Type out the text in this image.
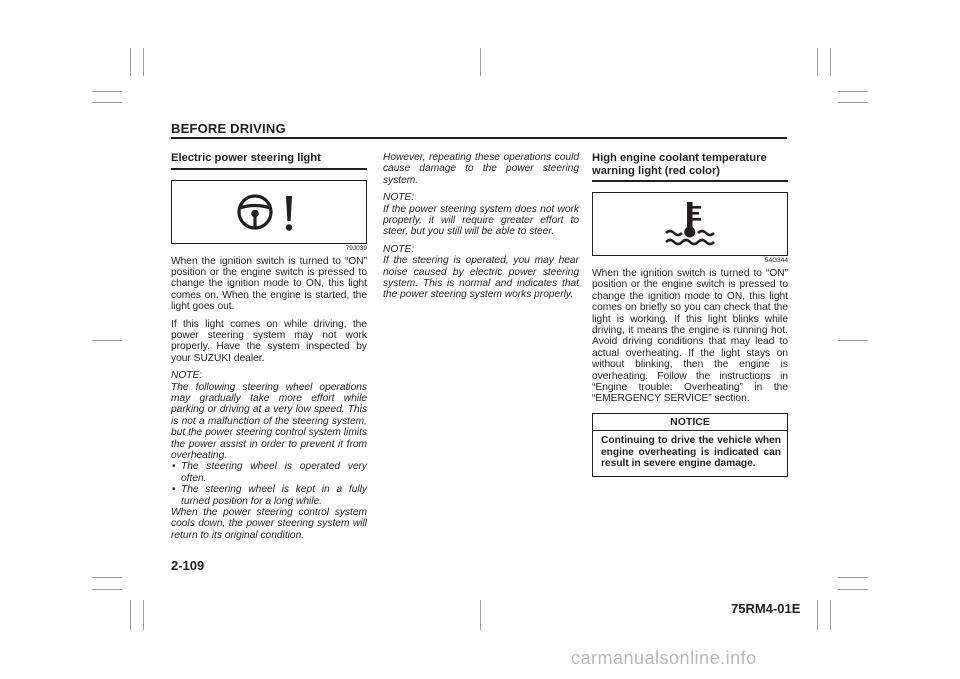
BEFORE DRIVING
Electric power steering light
79J039

When the ignition switch is turned to “ON” position or the engine switch is pressed to change the ignition mode to ON, this light comes on. When the engine is started, the light goes out.

If this light comes on while driving, the power steering system may not work properly. Have the system inspected by your SUZUKI dealer.

NOTE:
The following steering wheel operations may gradually take more effort while parking or driving at a very low speed. This is not a malfunction of the steering system, but the power steering control system limits the power assist in order to prevent it from overheating.
• The steering wheel is operated very often.
• The steering wheel is kept in a fully turned position for a long while.
When the power steering control system cools down, the power steering system will return to its original condition.
However, repeating these operations could cause damage to the power steering system.
NOTE:
If the power steering system does not work properly, it will require greater effort to steer, but you still will be able to steer.
NOTE:
If the steering is operated, you may hear noise caused by electric power steering system. This is normal and indicates that the power steering system works properly.
High engine coolant temperature warning light (red color)
54G344

When the ignition switch is turned to “ON” position or the engine switch is pressed to change the ignition mode to ON, this light comes on briefly so you can check that the light is working. If this light blinks while driving, it means the engine is running hot. Avoid driving conditions that may lead to actual overheating. If the light stays on without blinking, then the engine is overheating. Follow the instructions in “Engine trouble: Overheating” in the “EMERGENCY SERVICE” section.

NOTICE
Continuing to drive the vehicle when engine overheating is indicated can result in severe engine damage.
2-109
75RM4-01E
carmanualsonline.info
